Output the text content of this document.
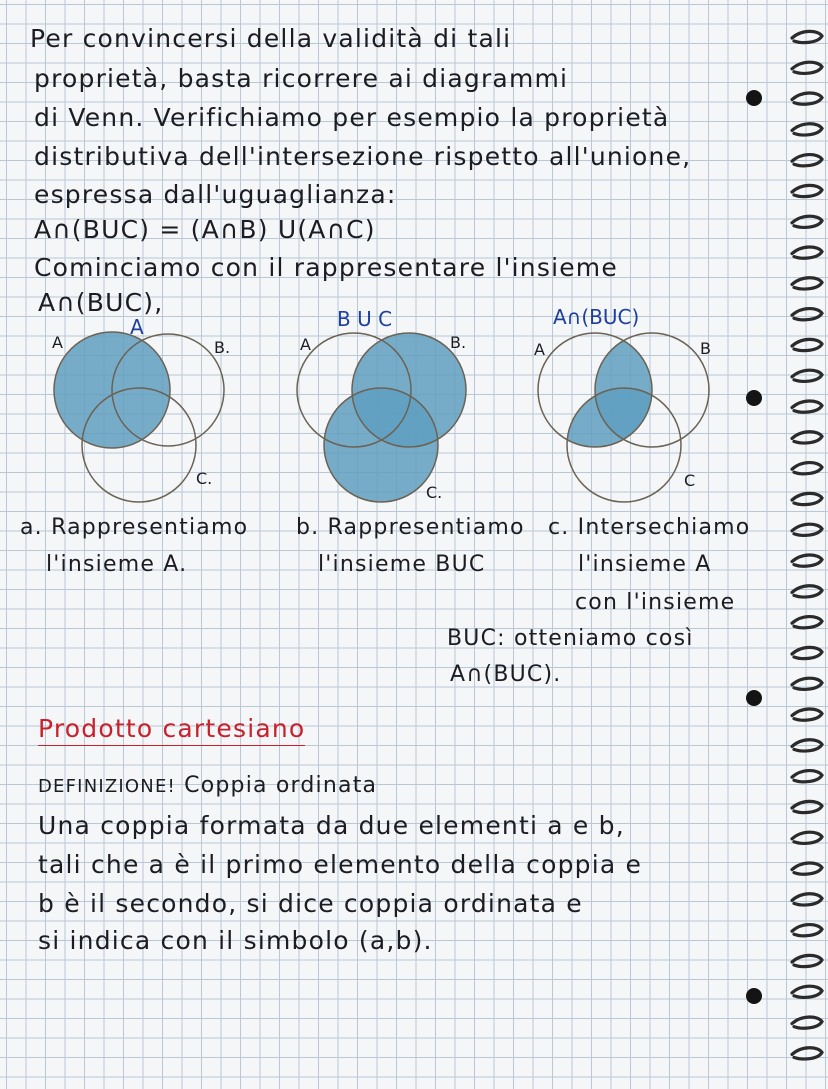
Per convincersi della validità di tali
proprietà, basta ricorrere ai diagrammi
di Venn. Verifichiamo per esempio la proprietà
distributiva dell'intersezione rispetto all'unione,
espressa dall'uguaglianza:
A∩(BUC) = (A∩B) U(A∩C)
Cominciamo con il rappresentare l'insieme
A∩(BUC),
A
A	B.
C.
B U C
A	B.
C.
A∩(BUC)
A	B
C
a. Rappresentiamo
l'insieme A.
b. Rappresentiamo
l'insieme BUC
c. Intersechiamo
l'insieme A
con l'insieme
BUC: otteniamo così
A∩(BUC).
Prodotto cartesiano
DEFINIZIONE! Coppia ordinata
Una coppia formata da due elementi a e b,
tali che a è il primo elemento della coppia e
b è il secondo, si dice coppia ordinata e
si indica con il simbolo (a,b).
